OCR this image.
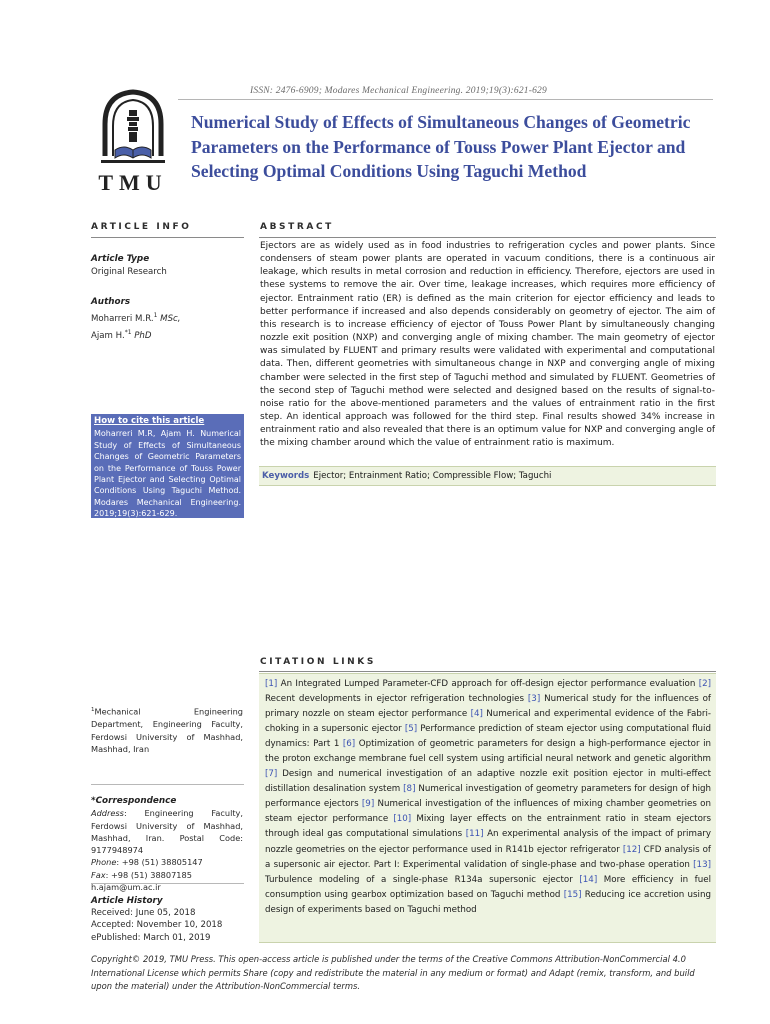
TMU
ISSN: 2476-6909; Modares Mechanical Engineering. 2019;19(3):621-629
Numerical Study of Effects of Simultaneous Changes of Geometric Parameters on the Performance of Touss Power Plant Ejector and Selecting Optimal Conditions Using Taguchi Method
ARTICLE INFO	ABSTRACT
Article Type
Original Research
Authors
Moharreri M.R.$^1$ MSc,
Ajam H.$^{*1}$ PhD
How to cite this article
Moharreri M.R, Ajam H. Numerical Study of Effects of Simultaneous Changes of Geometric Parameters on the Performance of Touss Power Plant Ejector and Selecting Optimal Conditions Using Taguchi Method. Modares Mechanical Engineering. 2019;19(3):621-629.
$^1$Mechanical Engineering Department, Engineering Faculty, Ferdowsi University of Mashhad, Mashhad, Iran
*Correspondence
Address: Engineering Faculty, Ferdowsi University of Mashhad, Mashhad, Iran. Postal Code: 9177948974
Phone: +98 (51) 38805147
Fax: +98 (51) 38807185
h.ajam@um.ac.ir
Article History
Received: June 05, 2018
Accepted: November 10, 2018
ePublished: March 01, 2019
Ejectors are as widely used as in food industries to refrigeration cycles and power plants. Since condensers of steam power plants are operated in vacuum conditions, there is a continuous air leakage, which results in metal corrosion and reduction in efficiency. Therefore, ejectors are used in these systems to remove the air. Over time, leakage increases, which requires more efficiency of ejector. Entrainment ratio (ER) is defined as the main criterion for ejector efficiency and leads to better performance if increased and also depends considerably on geometry of ejector. The aim of this research is to increase efficiency of ejector of Touss Power Plant by simultaneously changing nozzle exit position (NXP) and converging angle of mixing chamber. The main geometry of ejector was simulated by FLUENT and primary results were validated with experimental and computational data. Then, different geometries with simultaneous change in NXP and converging angle of mixing chamber were selected in the first step of Taguchi method and simulated by FLUENT. Geometries of the second step of Taguchi method were selected and designed based on the results of signal-to-noise ratio for the above-mentioned parameters and the values of entrainment ratio in the first step. An identical approach was followed for the third step. Final results showed 34% increase in entrainment ratio and also revealed that there is an optimum value for NXP and converging angle of the mixing chamber around which the value of entrainment ratio is maximum.
Keywords Ejector; Entrainment Ratio; Compressible Flow; Taguchi
CITATION LINKS
[1] An Integrated Lumped Parameter-CFD approach for off-design ejector performance evaluation [2] Recent developments in ejector refrigeration technologies [3] Numerical study for the influences of primary nozzle on steam ejector performance [4] Numerical and experimental evidence of the Fabri-choking in a supersonic ejector [5] Performance prediction of steam ejector using computational fluid dynamics: Part 1 [6] Optimization of geometric parameters for design a high-performance ejector in the proton exchange membrane fuel cell system using artificial neural network and genetic algorithm [7] Design and numerical investigation of an adaptive nozzle exit position ejector in multi-effect distillation desalination system [8] Numerical investigation of geometry parameters for design of high performance ejectors [9] Numerical investigation of the influences of mixing chamber geometries on steam ejector performance [10] Mixing layer effects on the entrainment ratio in steam ejectors through ideal gas computational simulations [11] An experimental analysis of the impact of primary nozzle geometries on the ejector performance used in R141b ejector refrigerator [12] CFD analysis of a supersonic air ejector. Part I: Experimental validation of single-phase and two-phase operation [13] Turbulence modeling of a single-phase R134a supersonic ejector [14] More efficiency in fuel consumption using gearbox optimization based on Taguchi method [15] Reducing ice accretion using design of experiments based on Taguchi method
Copyright© 2019, TMU Press. This open-access article is published under the terms of the Creative Commons Attribution-NonCommercial 4.0 International License which permits Share (copy and redistribute the material in any medium or format) and Adapt (remix, transform, and build upon the material) under the Attribution-NonCommercial terms.
